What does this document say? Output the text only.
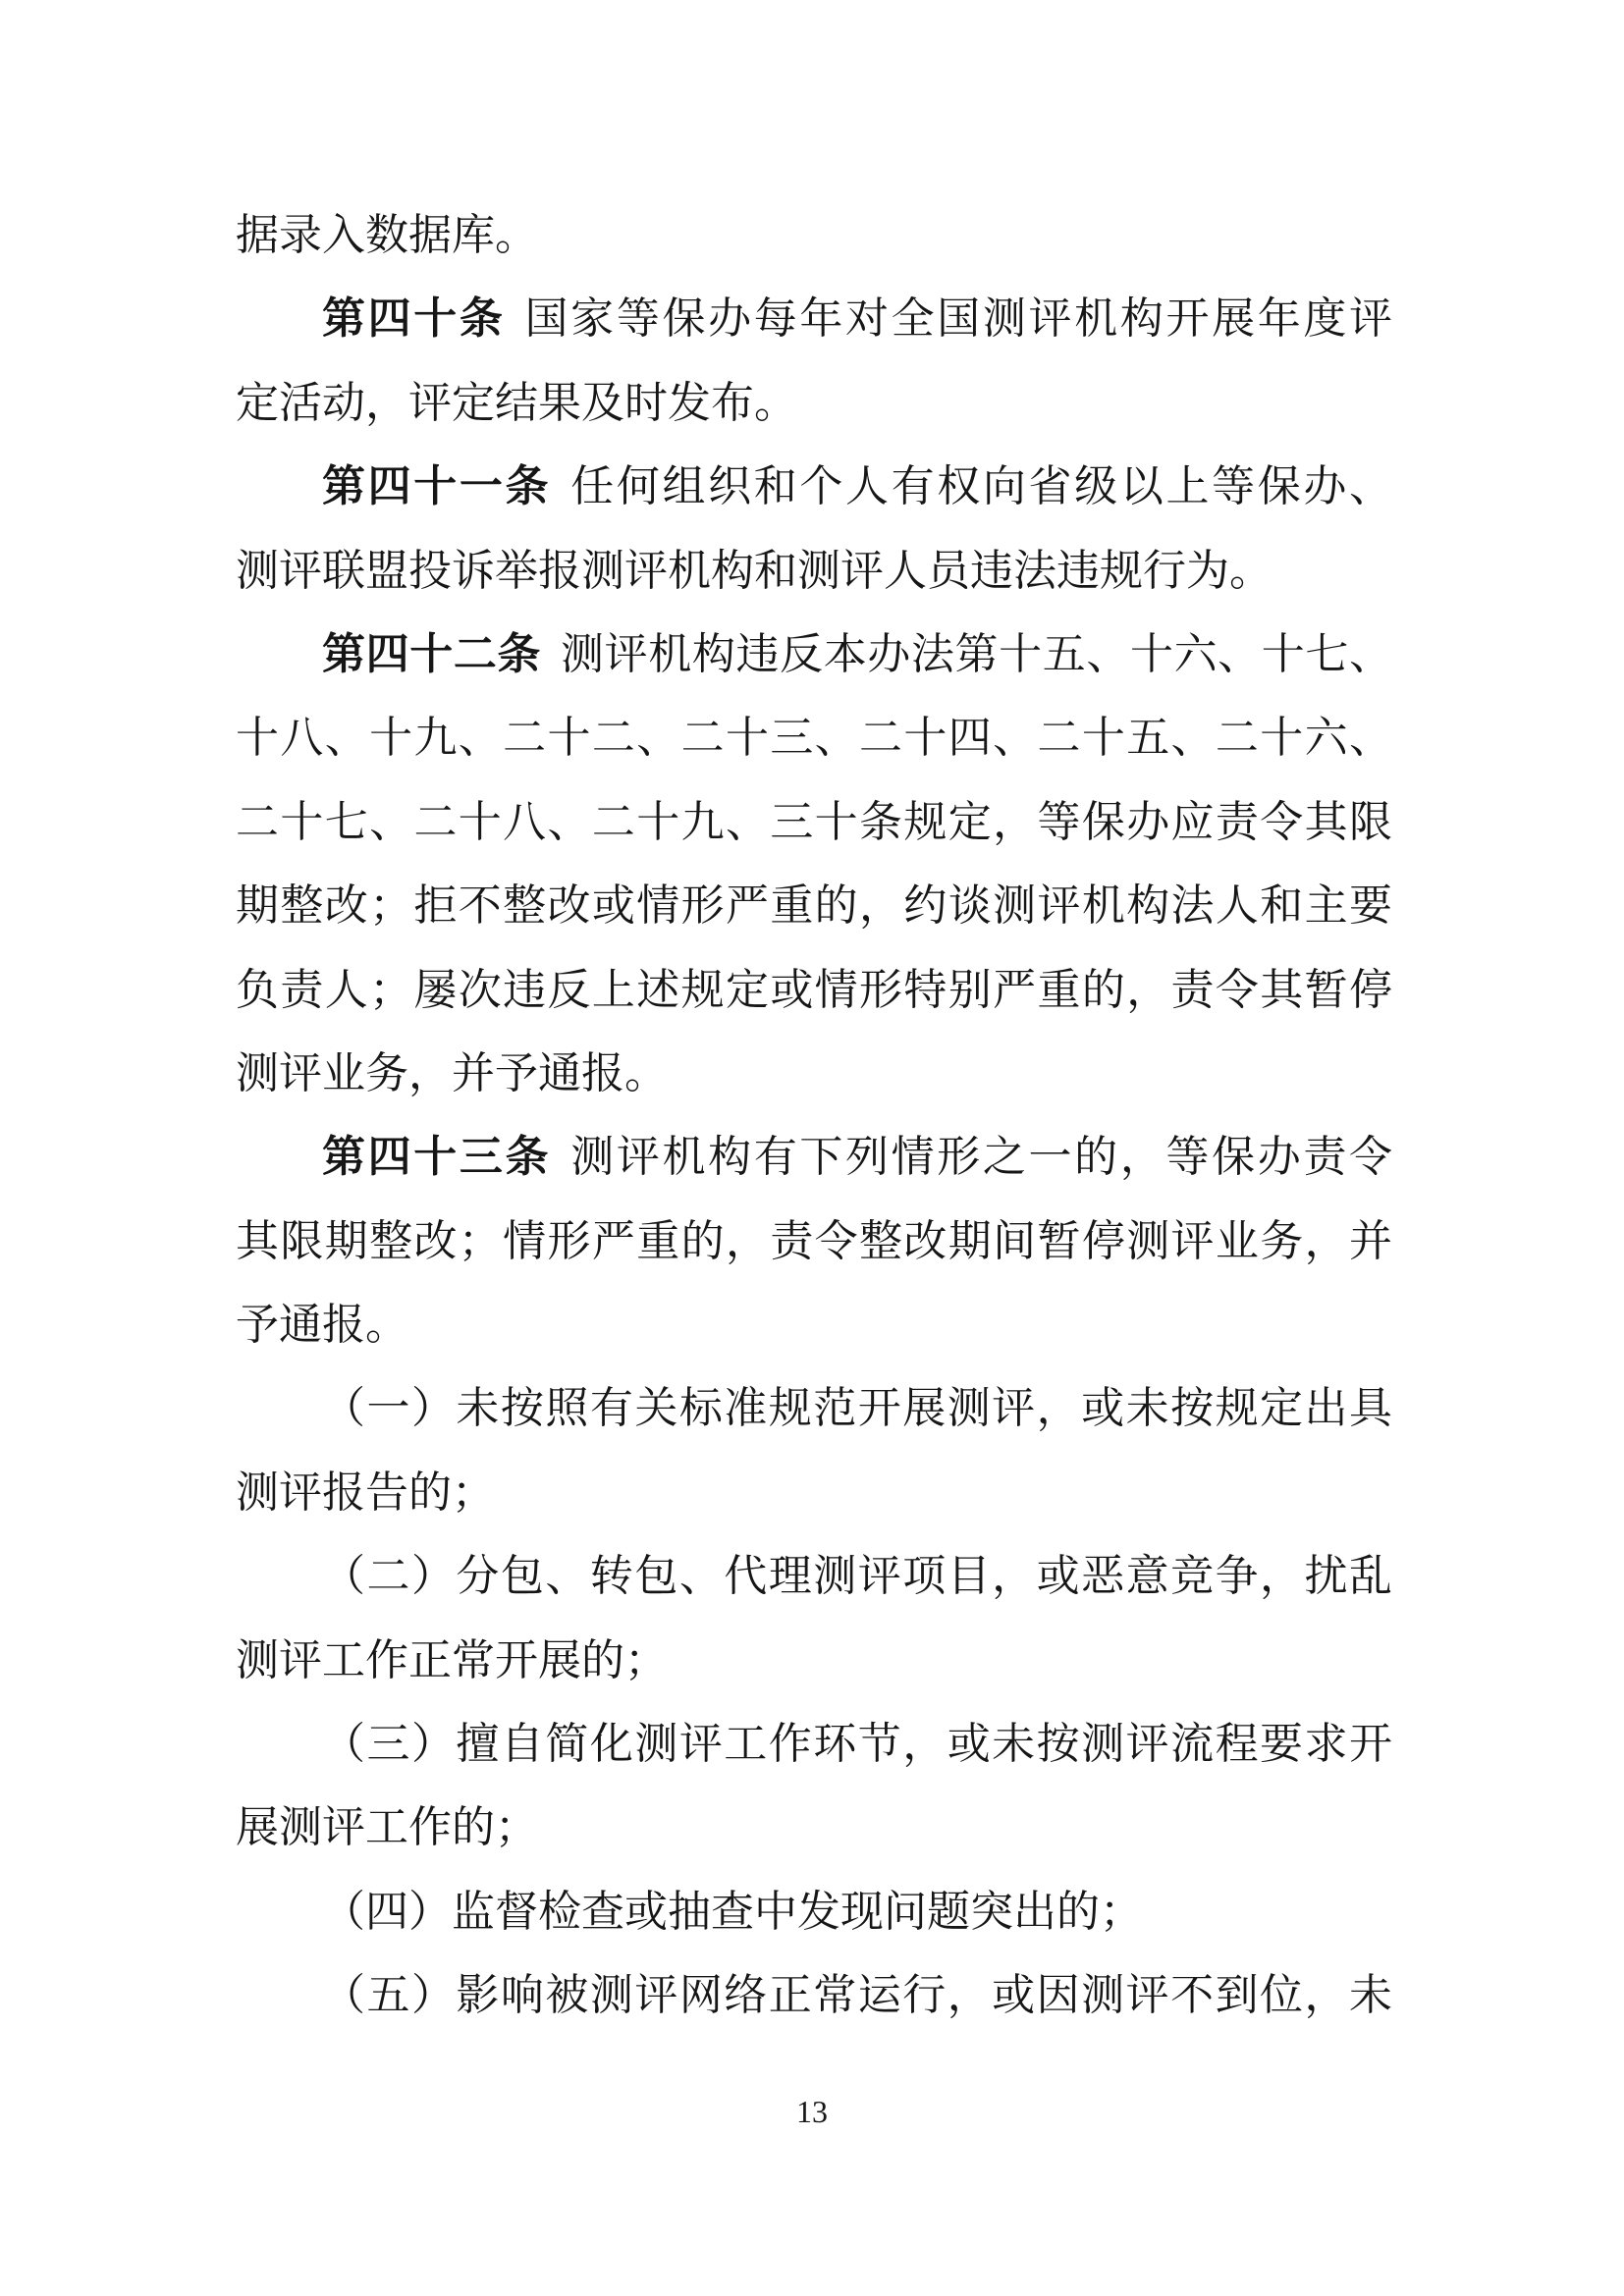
据录入数据库。
第四十条 国家等保办每年对全国测评机构开展年度评
定活动，评定结果及时发布。
第四十一条 任何组织和个人有权向省级以上等保办、
测评联盟投诉举报测评机构和测评人员违法违规行为。
第四十二条 测评机构违反本办法第十五、十六、十七、
十八、十九、二十二、二十三、二十四、二十五、二十六、
二十七、二十八、二十九、三十条规定，等保办应责令其限
期整改；拒不整改或情形严重的，约谈测评机构法人和主要
负责人；屡次违反上述规定或情形特别严重的，责令其暂停
测评业务，并予通报。
第四十三条 测评机构有下列情形之一的，等保办责令
其限期整改；情形严重的，责令整改期间暂停测评业务，并
予通报。
（一）未按照有关标准规范开展测评，或未按规定出具
测评报告的；
（二）分包、转包、代理测评项目，或恶意竞争，扰乱
测评工作正常开展的；
（三）擅自简化测评工作环节，或未按测评流程要求开
展测评工作的；
（四）监督检查或抽查中发现问题突出的；
（五）影响被测评网络正常运行，或因测评不到位，未
13
